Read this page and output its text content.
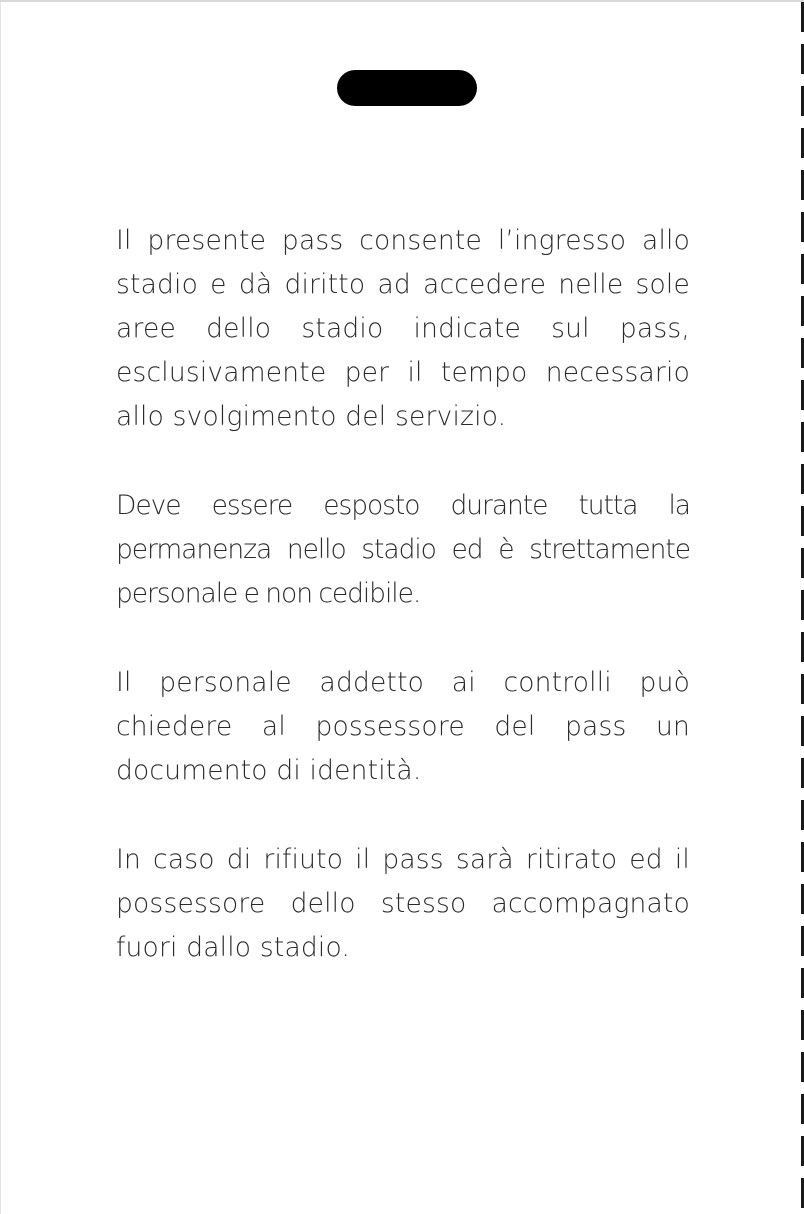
Il presente pass consente l’ingresso allo stadio e dà diritto ad accedere nelle sole aree dello stadio indicate sul pass, esclusivamente per il tempo necessario allo svolgimento del servizio.

Deve essere esposto durante tutta la permanenza nello stadio ed è strettamente personale e non cedibile.

Il personale addetto ai controlli può chiedere al possessore del pass un documento di identità.

In caso di rifiuto il pass sarà ritirato ed il possessore dello stesso accompagnato fuori dallo stadio.
